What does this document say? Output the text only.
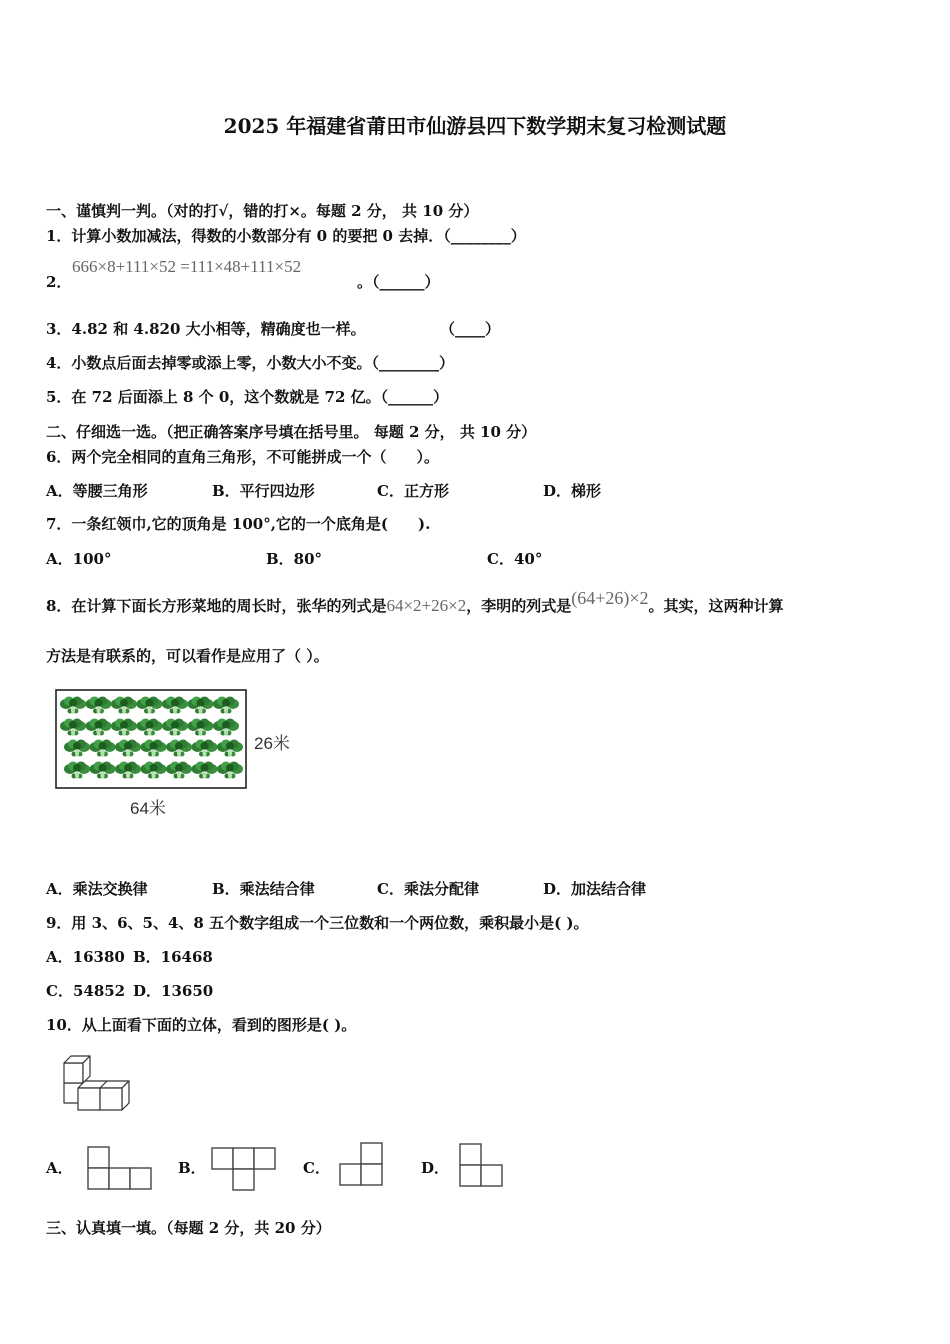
2025 年福建省莆田市仙游县四下数学期末复习检测试题
一、谨慎判一判。（对的打√，错的打×。每题 2 分， 共 10 分）
1．计算小数加减法，得数的小数部分有 0 的要把 0 去掉．（________）
2．
666×8+111×52 =111×48+111×52
。（______）
3．4.82 和 4.820 大小相等，精确度也一样。	（____）
4．小数点后面去掉零或添上零，小数大小不变。（________）
5．在 72 后面添上 8 个 0，这个数就是 72 亿。（______）
二、仔细选一选。（把正确答案序号填在括号里。 每题 2 分， 共 10 分）
6．两个完全相同的直角三角形，不可能拼成一个（　　）。
A．等腰三角形	B．平行四边形	C．正方形	D．梯形
7．一条红领巾,它的顶角是 100°,它的一个底角是(　　).
A．100°	B．80°	C．40°
8．在计算下面长方形菜地的周长时，张华的列式是64×2+26×2，李明的列式是(64+26)×2。其实，这两种计算
方法是有联系的，可以看作是应用了（ ）。
26米
64米
A．乘法交换律	B．乘法结合律	C．乘法分配律	D．加法结合律
9．用 3、6、5、4、8 五个数字组成一个三位数和一个两位数，乘积最小是( )。
A．16380 B．16468
C．54852 D．13650
10．从上面看下面的立体，看到的图形是( )。
A．	B．	C．	D．
三、认真填一填。（每题 2 分，共 20 分）
